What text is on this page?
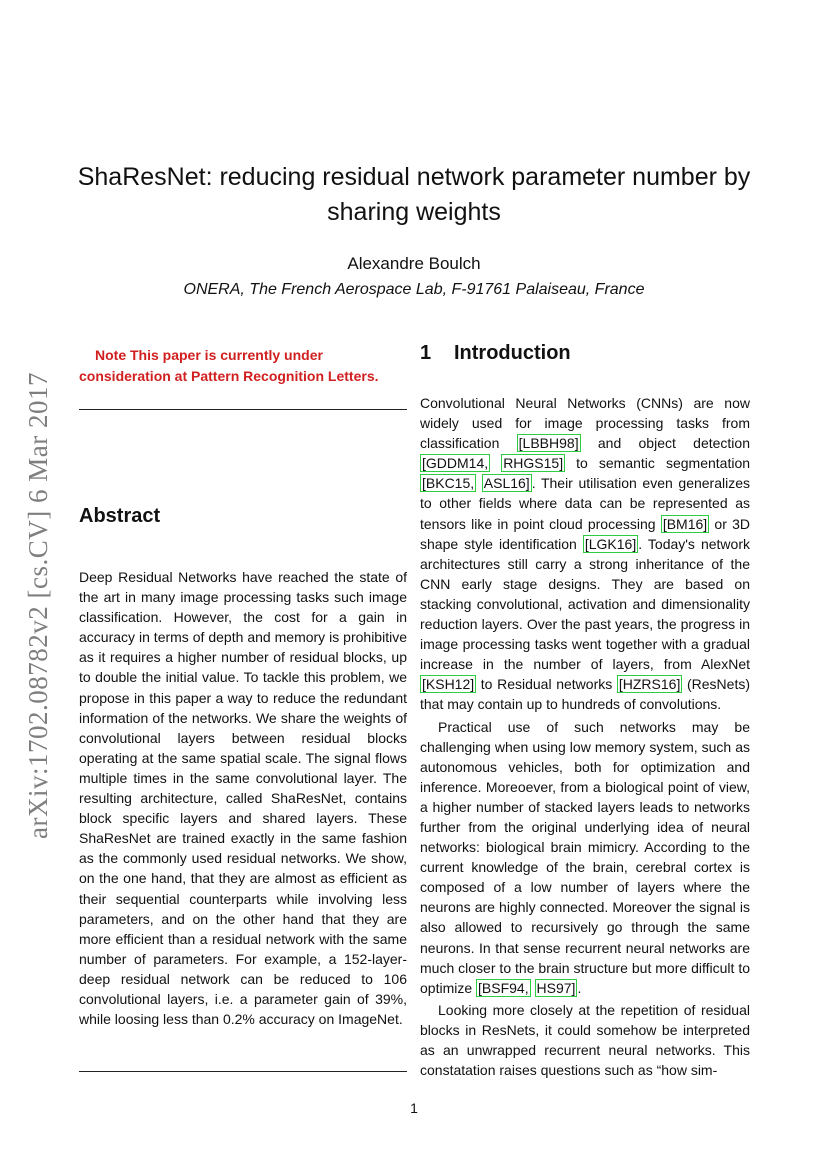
arXiv:1702.08782v2 [cs.CV] 6 Mar 2017
ShaResNet: reducing residual network parameter number by sharing weights
Alexandre Boulch
ONERA, The French Aerospace Lab, F-91761 Palaiseau, France

Note This paper is currently under consideration at Pattern Recognition Letters.

Abstract

Deep Residual Networks have reached the state of the art in many image processing tasks such image classification. However, the cost for a gain in accuracy in terms of depth and memory is prohibitive as it requires a higher number of residual blocks, up to double the initial value. To tackle this problem, we propose in this paper a way to reduce the redundant information of the networks. We share the weights of convolutional layers between residual blocks operating at the same spatial scale. The signal flows multiple times in the same convolutional layer. The resulting architecture, called ShaResNet, contains block specific layers and shared layers. These ShaResNet are trained exactly in the same fashion as the commonly used residual networks. We show, on the one hand, that they are almost as efficient as their sequential counterparts while involving less parameters, and on the other hand that they are more efficient than a residual network with the same number of parameters. For example, a 152-layer-deep residual network can be reduced to 106 convolutional layers, i.e. a parameter gain of 39%, while loosing less than 0.2% accuracy on ImageNet.

1	Introduction

Convolutional Neural Networks (CNNs) are now widely used for image processing tasks from classification [LBBH98] and object detection [GDDM14, RHGS15] to semantic segmentation [BKC15, ASL16] . Their utilisation even generalizes to other fields where data can be represented as tensors like in point cloud processing [BM16] or 3D shape style identification [LGK16] . Today's network architectures still carry a strong inheritance of the CNN early stage designs. They are based on stacking convolutional, activation and dimensionality reduction layers. Over the past years, the progress in image processing tasks went together with a gradual increase in the number of layers, from AlexNet [KSH12] to Residual networks [HZRS16] (ResNets) that may contain up to hundreds of convolutions.

Practical use of such networks may be challenging when using low memory system, such as autonomous vehicles, both for optimization and inference. Moreoever, from a biological point of view, a higher number of stacked layers leads to networks further from the original underlying idea of neural networks: biological brain mimicry. According to the current knowledge of the brain, cerebral cortex is composed of a low number of layers where the neurons are highly connected. Moreover the signal is also allowed to recursively go through the same neurons. In that sense recurrent neural networks are much closer to the brain structure but more difficult to optimize [BSF94, HS97] .

Looking more closely at the repetition of residual blocks in ResNets, it could somehow be interpreted as an unwrapped recurrent neural networks. This constatation raises questions such as “how sim-

1
